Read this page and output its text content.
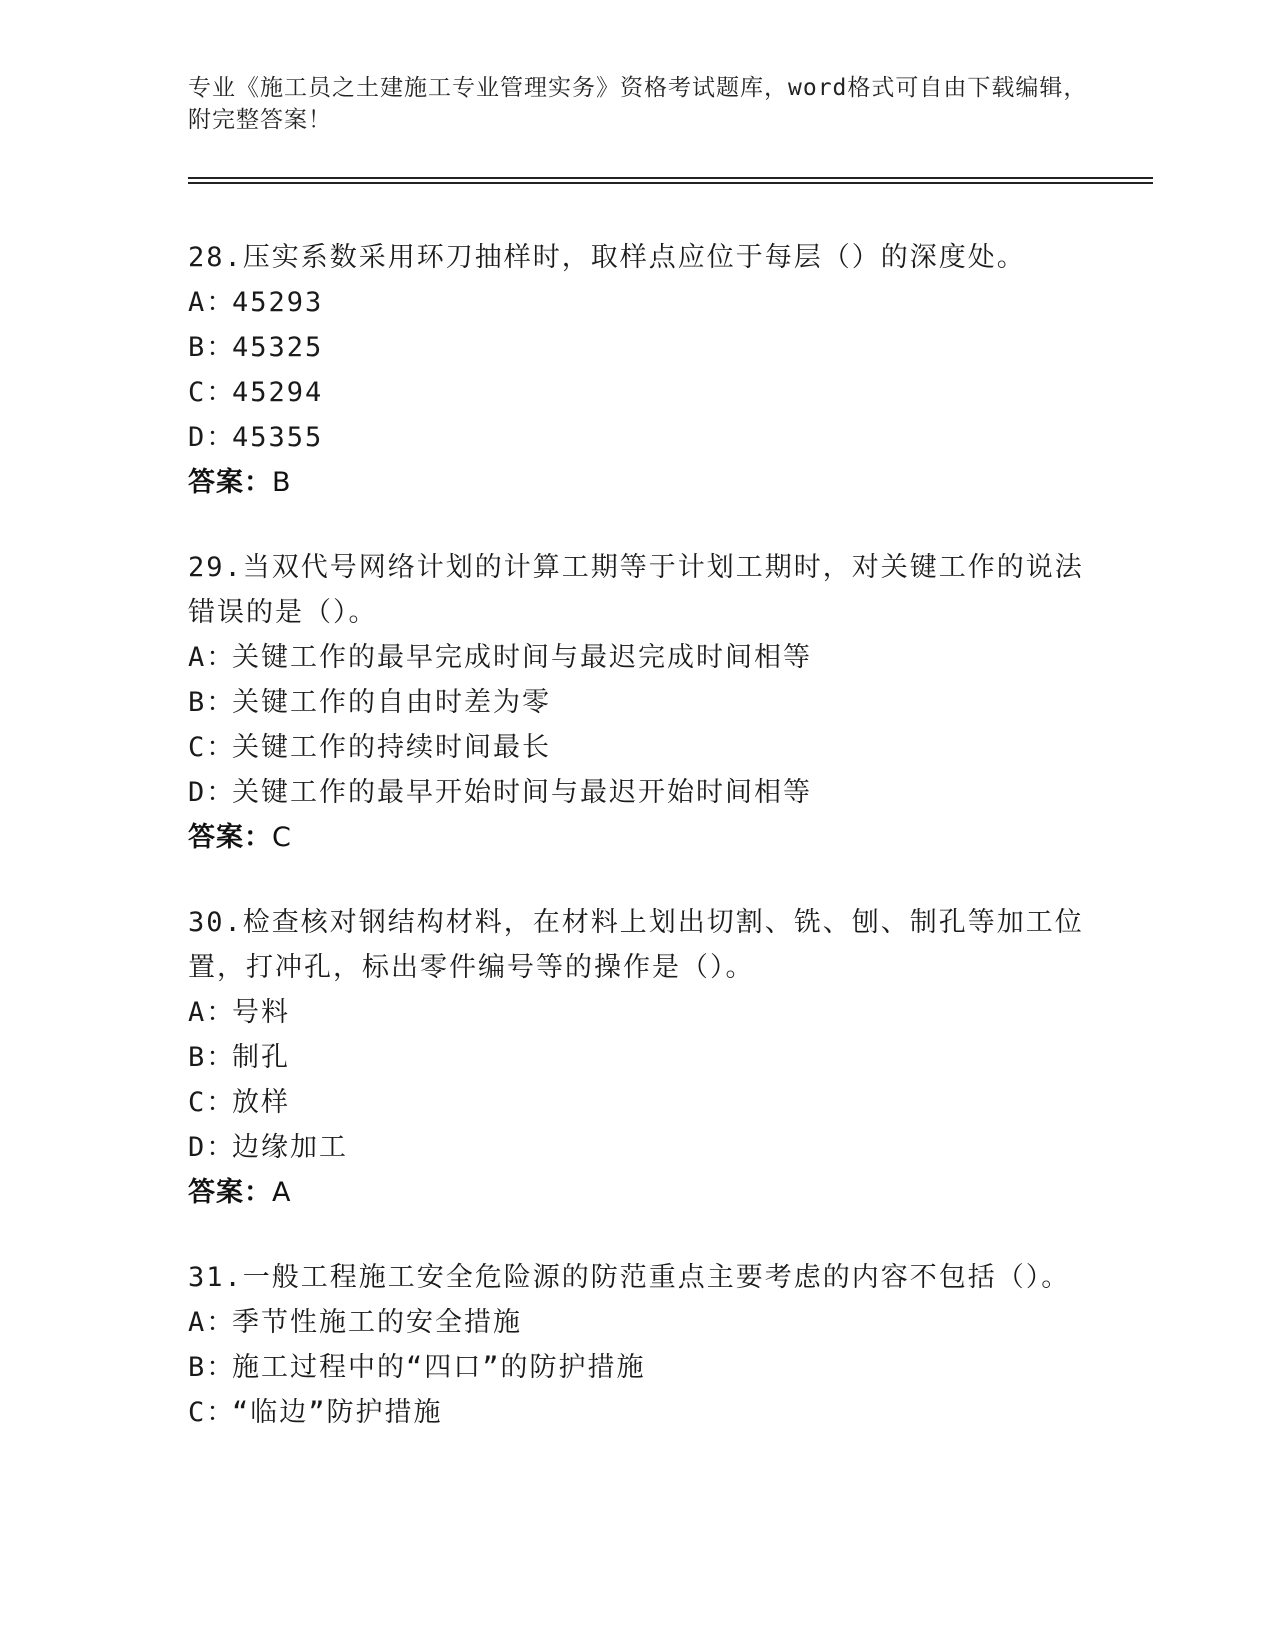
专业《施工员之土建施工专业管理实务》资格考试题库，word格式可自由下载编辑，附完整答案！
28.压实系数采用环刀抽样时，取样点应位于每层（）的深度处。
A：45293
B：45325
C：45294
D：45355
答案：B
29.当双代号网络计划的计算工期等于计划工期时，对关键工作的说法错误的是（）。
A：关键工作的最早完成时间与最迟完成时间相等
B：关键工作的自由时差为零
C：关键工作的持续时间最长
D：关键工作的最早开始时间与最迟开始时间相等
答案：C
30.检查核对钢结构材料，在材料上划出切割、铣、刨、制孔等加工位置，打冲孔，标出零件编号等的操作是（）。
A：号料
B：制孔
C：放样
D：边缘加工
答案：A
31.一般工程施工安全危险源的防范重点主要考虑的内容不包括（）。
A：季节性施工的安全措施
B：施工过程中的“四口”的防护措施
C：“临边”防护措施
